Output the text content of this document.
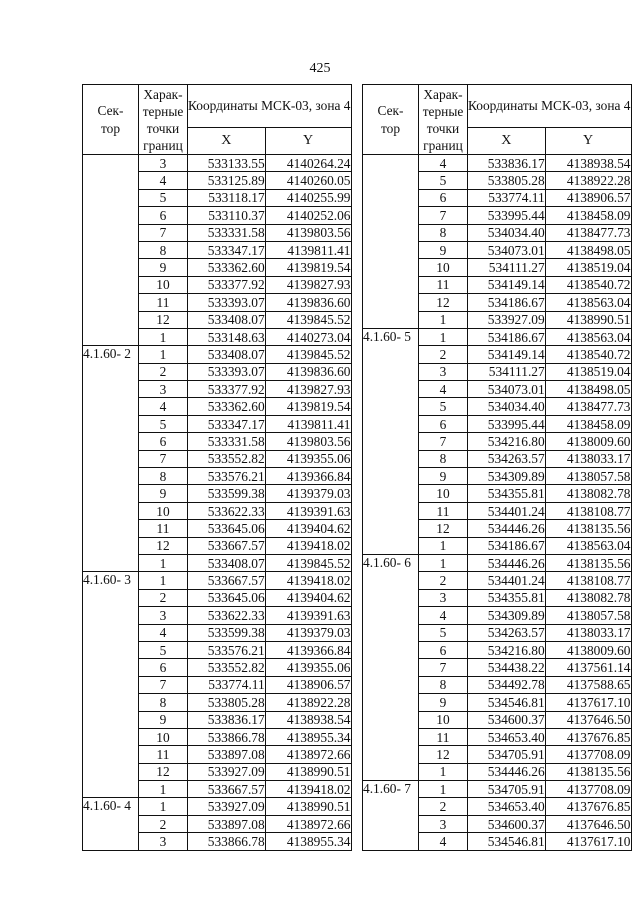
425
Сек-
тор	Харак-
терные
точки
границ	Координаты МСК-03, зона 4	
		X	Y
	3	533133.55	4140264.24
	4	533125.89	4140260.05
	5	533118.17	4140255.99
	6	533110.37	4140252.06
	7	533331.58	4139803.56
	8	533347.17	4139811.41
	9	533362.60	4139819.54
	10	533377.92	4139827.93
	11	533393.07	4139836.60
	12	533408.07	4139845.52
	1	533148.63	4140273.04
4.1.60- 2	1	533408.07	4139845.52
	2	533393.07	4139836.60
	3	533377.92	4139827.93
	4	533362.60	4139819.54
	5	533347.17	4139811.41
	6	533331.58	4139803.56
	7	533552.82	4139355.06
	8	533576.21	4139366.84
	9	533599.38	4139379.03
	10	533622.33	4139391.63
	11	533645.06	4139404.62
	12	533667.57	4139418.02
	1	533408.07	4139845.52
4.1.60- 3	1	533667.57	4139418.02
	2	533645.06	4139404.62
	3	533622.33	4139391.63
	4	533599.38	4139379.03
	5	533576.21	4139366.84
	6	533552.82	4139355.06
	7	533774.11	4138906.57
	8	533805.28	4138922.28
	9	533836.17	4138938.54
	10	533866.78	4138955.34
	11	533897.08	4138972.66
	12	533927.09	4138990.51
	1	533667.57	4139418.02
4.1.60- 4	1	533927.09	4138990.51
	2	533897.08	4138972.66
	3	533866.78	4138955.34
Сек-
тор	Харак-
терные
точки
границ	Координаты МСК-03, зона 4	
		X	Y
	4	533836.17	4138938.54
	5	533805.28	4138922.28
	6	533774.11	4138906.57
	7	533995.44	4138458.09
	8	534034.40	4138477.73
	9	534073.01	4138498.05
	10	534111.27	4138519.04
	11	534149.14	4138540.72
	12	534186.67	4138563.04
	1	533927.09	4138990.51
4.1.60- 5	1	534186.67	4138563.04
	2	534149.14	4138540.72
	3	534111.27	4138519.04
	4	534073.01	4138498.05
	5	534034.40	4138477.73
	6	533995.44	4138458.09
	7	534216.80	4138009.60
	8	534263.57	4138033.17
	9	534309.89	4138057.58
	10	534355.81	4138082.78
	11	534401.24	4138108.77
	12	534446.26	4138135.56
	1	534186.67	4138563.04
4.1.60- 6	1	534446.26	4138135.56
	2	534401.24	4138108.77
	3	534355.81	4138082.78
	4	534309.89	4138057.58
	5	534263.57	4138033.17
	6	534216.80	4138009.60
	7	534438.22	4137561.14
	8	534492.78	4137588.65
	9	534546.81	4137617.10
	10	534600.37	4137646.50
	11	534653.40	4137676.85
	12	534705.91	4137708.09
	1	534446.26	4138135.56
4.1.60- 7	1	534705.91	4137708.09
	2	534653.40	4137676.85
	3	534600.37	4137646.50
	4	534546.81	4137617.10
